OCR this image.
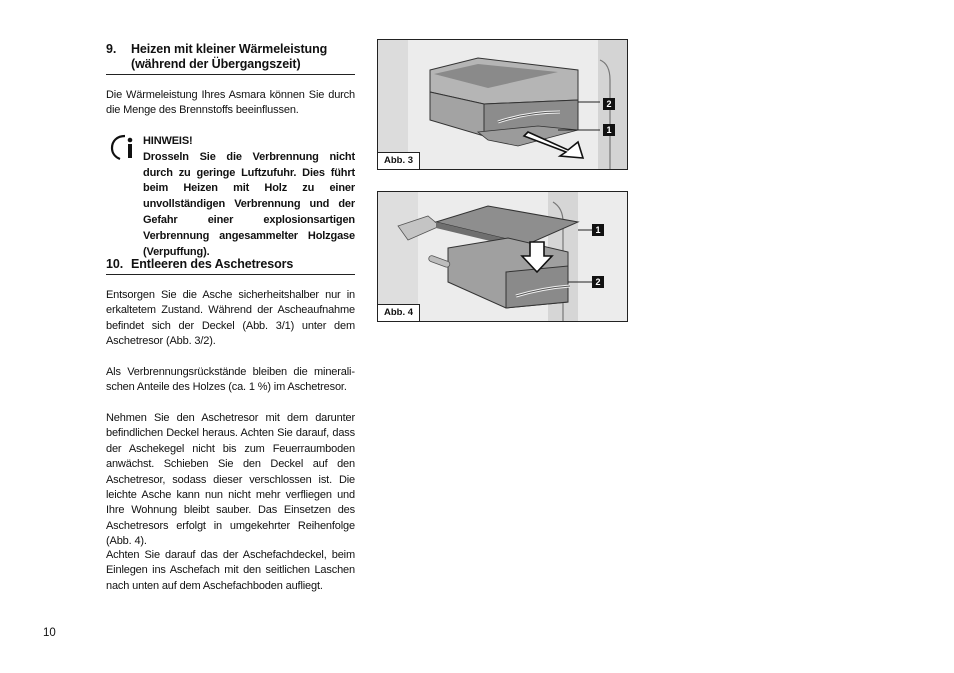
9.	Heizen mit kleiner Wärmeleistung
(während der Übergangszeit)
Die Wärmeleistung Ihres Asmara können Sie durch die Menge des Brennstoffs beeinflussen.
HINWEIS!
Drosseln Sie die Verbrennung nicht durch zu geringe Luftzufuhr. Dies führt beim Heizen mit Holz zu einer unvollständigen Verbrennung und der Gefahr einer explosionsartigen Verbrennung angesammelter Holzgase (Verpuffung).
10. Entleeren des Aschetresors
Entsorgen Sie die Asche sicherheitshalber nur in erkaltetem Zustand. Während der Ascheaufnahme befindet sich der Deckel (Abb. 3/1) unter dem Aschetresor (Abb. 3/2).
Als Verbrennungsrückstände bleiben die mineralischen Anteile des Holzes (ca. 1 %) im Aschetresor.
Nehmen Sie den Aschetresor mit dem darunter befindlichen Deckel heraus. Achten Sie darauf, dass der Aschekegel nicht bis zum Feuerraumboden anwächst. Schieben Sie den Deckel auf den Aschetresor, sodass dieser verschlossen ist. Die leichte Asche kann nun nicht mehr verfliegen und Ihre Wohnung bleibt sauber. Das Einsetzen des Aschetresors erfolgt in umgekehrter Reihenfolge (Abb. 4).
Achten Sie darauf das der Aschefachdeckel, beim Einlegen ins Aschefach mit den seitlichen Laschen nach unten auf dem Aschefachboden aufliegt.
2
1
Abb. 3
1
2
Abb. 4
10
